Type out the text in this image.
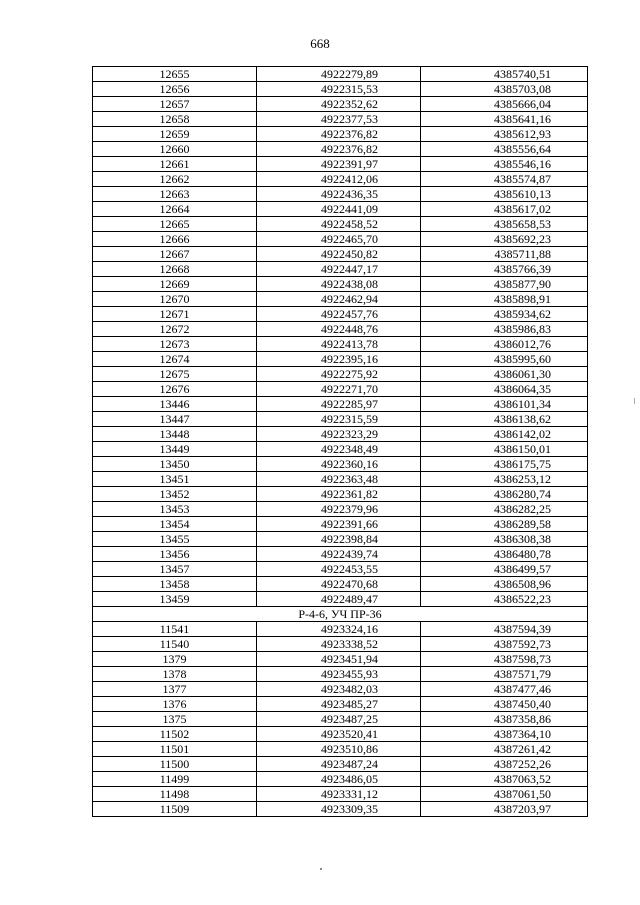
668
12655	4922279,89	4385740,51
12656	4922315,53	4385703,08
12657	4922352,62	4385666,04
12658	4922377,53	4385641,16
12659	4922376,82	4385612,93
12660	4922376,82	4385556,64
12661	4922391,97	4385546,16
12662	4922412,06	4385574,87
12663	4922436,35	4385610,13
12664	4922441,09	4385617,02
12665	4922458,52	4385658,53
12666	4922465,70	4385692,23
12667	4922450,82	4385711,88
12668	4922447,17	4385766,39
12669	4922438,08	4385877,90
12670	4922462,94	4385898,91
12671	4922457,76	4385934,62
12672	4922448,76	4385986,83
12673	4922413,78	4386012,76
12674	4922395,16	4385995,60
12675	4922275,92	4386061,30
12676	4922271,70	4386064,35
13446	4922285,97	4386101,34
13447	4922315,59	4386138,62
13448	4922323,29	4386142,02
13449	4922348,49	4386150,01
13450	4922360,16	4386175,75
13451	4922363,48	4386253,12
13452	4922361,82	4386280,74
13453	4922379,96	4386282,25
13454	4922391,66	4386289,58
13455	4922398,84	4386308,38
13456	4922439,74	4386480,78
13457	4922453,55	4386499,57
13458	4922470,68	4386508,96
13459	4922489,47	4386522,23
Р-4-6, УЧ ПР-36		
11541	4923324,16	4387594,39
11540	4923338,52	4387592,73
1379	4923451,94	4387598,73
1378	4923455,93	4387571,79
1377	4923482,03	4387477,46
1376	4923485,27	4387450,40
1375	4923487,25	4387358,86
11502	4923520,41	4387364,10
11501	4923510,86	4387261,42
11500	4923487,24	4387252,26
11499	4923486,05	4387063,52
11498	4923331,12	4387061,50
11509	4923309,35	4387203,97
